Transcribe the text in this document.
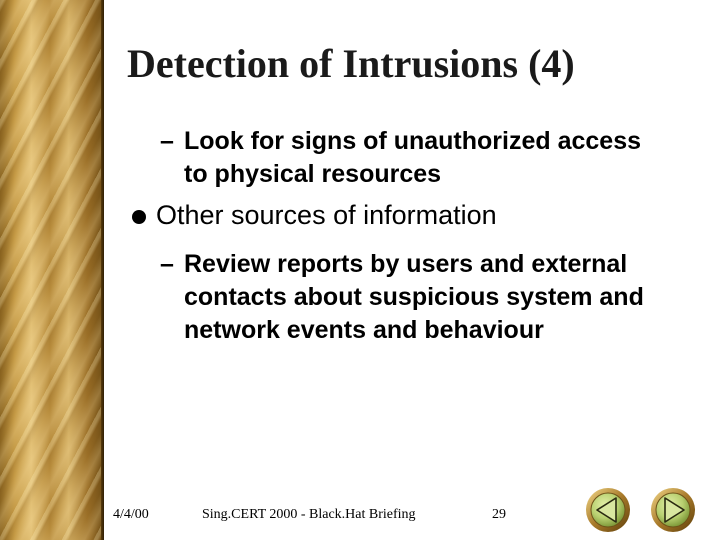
Detection of Intrusions (4)
– Look for signs of unauthorized access
to physical resources
Other sources of information
– Review reports by users and external
contacts about suspicious system and
network events and behaviour
4/4/00	Sing.CERT 2000 - Black.Hat Briefing	29
